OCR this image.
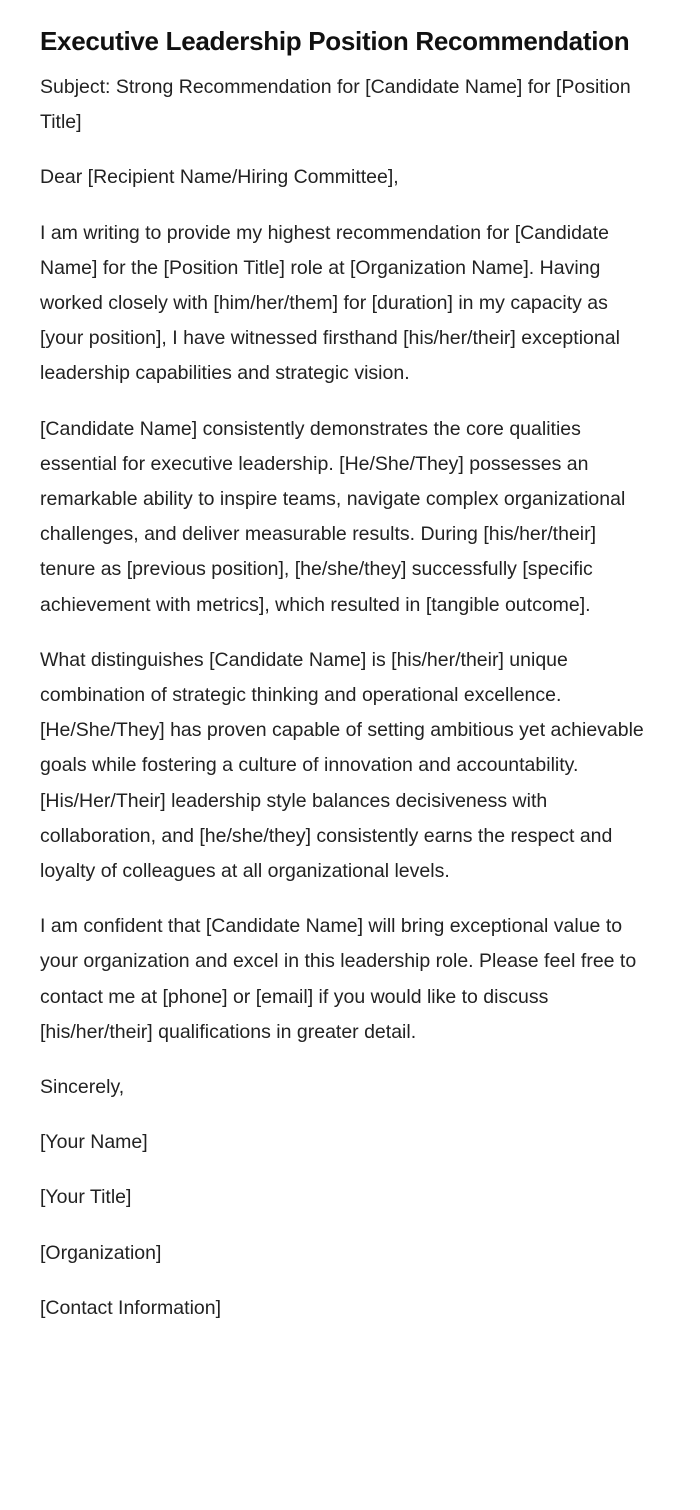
Executive Leadership Position Recommendation

Subject: Strong Recommendation for [Candidate Name] for [Position Title]

Dear [Recipient Name/Hiring Committee],

I am writing to provide my highest recommendation for [Candidate Name] for the [Position Title] role at [Organization Name]. Having worked closely with [him/her/them] for [duration] in my capacity as [your position], I have witnessed firsthand [his/her/their] exceptional leadership capabilities and strategic vision.

[Candidate Name] consistently demonstrates the core qualities essential for executive leadership. [He/She/They] possesses an remarkable ability to inspire teams, navigate complex organizational challenges, and deliver measurable results. During [his/her/their] tenure as [previous position], [he/she/they] successfully [specific achievement with metrics], which resulted in [tangible outcome].

What distinguishes [Candidate Name] is [his/her/their] unique combination of strategic thinking and operational excellence. [He/She/They] has proven capable of setting ambitious yet achievable goals while fostering a culture of innovation and accountability. [His/Her/Their] leadership style balances decisiveness with collaboration, and [he/she/they] consistently earns the respect and loyalty of colleagues at all organizational levels.

I am confident that [Candidate Name] will bring exceptional value to your organization and excel in this leadership role. Please feel free to contact me at [phone] or [email] if you would like to discuss [his/her/their] qualifications in greater detail.

Sincerely,

[Your Name]

[Your Title]

[Organization]

[Contact Information]
